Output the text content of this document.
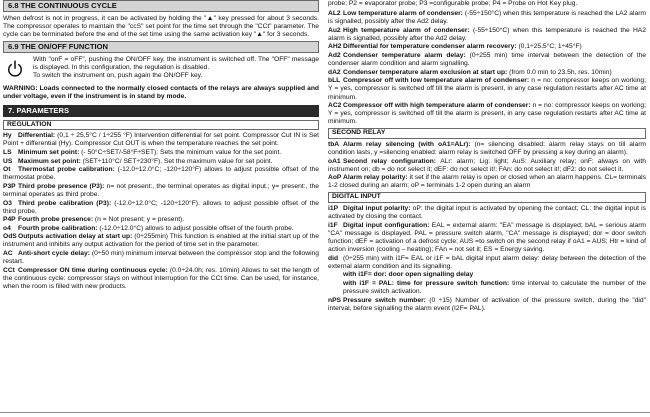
6.8 THE CONTINUOUS CYCLE

When defrost is not in progress, it can be activated by holding the "▲" key pressed for about 3 seconds. The compressor operates to maintain the "ccS" set point for the time set through the "CCt" parameter. The cycle can be terminated before the end of the set time using the same activation key "▲" for 3 seconds.

6.9 THE ON/OFF FUNCTION
With "onF = oFF", pushing the ON/OFF key, the instrument is switched off. The "OFF" message is displayed. In this configuration, the regulation is disabled.
To switch the instrument on, push again the ON/OFF key.
WARNING: Loads connected to the normally closed contacts of the relays are always supplied and under voltage, even if the instrument is in stand by mode.
7. PARAMETERS
REGULATION
HyDifferential: (0,1 ÷ 25,5°C / 1÷255 °F) Intervention differential for set point. Compressor Cut IN is Set Point + differential (Hy). Compressor Cut OUT is when the temperature reaches the set point.
LSMinimum set point: (- 50°C÷SET/-58°F÷SET): Sets the minimum value for the set point.
USMaximum set point: (SET÷110°C/ SET÷230°F). Set the maximum value for set point.
OtThermostat probe calibration: (-12.0÷12.0°C; -120÷120°F) allows to adjust possible offset of the thermostat probe.
P3PThird probe presence (P3): n= not present:, the terminal operates as digital input.; y= present:, the terminal operates as third probe.
O3Third probe calibration (P3): (-12.0÷12.0°C; -120÷120°F). allows to adjust possible offset of the third probe.
P4PFourth probe presence: (n = Not present; y = present).
o4Fourth probe calibration: (-12.0÷12.0°C) allows to adjust possible offset of the fourth probe.
OdSOutputs activation delay at start up: (0÷255min) This function is enabled at the initial start up of the instrument and inhibits any output activation for the period of time set in the parameter.
ACAnti-short cycle delay: (0÷50 min) minimum interval between the compressor stop and the following restart.
CCtCompressor ON time during continuous cycle: (0.0÷24.0h; res. 10min) Allows to set the length of the continuous cycle: compressor stays on without interruption for the CCt time. Can be used, for instance, when the room is filled with new products.

probe; P2 = evaporator probe; P3 =configurable probe; P4 = Probe on Hot Key plug.

AL2Low temperature alarm of condenser: (-55÷150°C) when this temperature is reached the LA2 alarm is signalled, possibly after the Ad2 delay.
Au2High temperature alarm of condenser: (-55÷150°C) when this temperature is reached the HA2 alarm is signalled, possibly after the Ad2 delay.
AH2Differential for temperature condenser alarm recovery: (0,1÷25.5°C; 1÷45°F)
Ad2Condenser temperature alarm delay: (0÷255 min) time interval between the detection of the condenser alarm condition and alarm signalling.
dA2Condenser temperature alarm exclusion at start up: (from 0.0 min to 23.5h, res. 10min)
bLLCompressor off with low temperature alarm of condenser: n = no: compressor keeps on working; Y = yes, compressor is switched off till the alarm is present, in any case regulation restarts after AC time at minimum.
AC2Compressor off with high temperature alarm of condenser: n = no: compressor keeps on working; Y = yes, compressor is switched off till the alarm is present, in any case regulation restarts after AC time at minimum.
SECOND RELAY
tbAAlarm relay silencing (with oA1=ALr): (n= silencing disabled: alarm relay stays on till alarm condition lasts, y =silencing enabled: alarm relay is switched OFF by pressing a key during an alarm).
oA1Second relay configuration: ALr: alarm; Lig: light; AuS: Auxiliary relay; onF: always on with instrument on; db = do not select it; dEF: do not select it!; FAn: do not select it!; dF2: do not select it.
AoPAlarm relay polarity: it set if the alarm relay is open or closed when an alarm happens. CL= terminals 1-2 closed during an alarm; oP = terminals 1-2 open during an alarm
DIGITAL INPUT
i1PDigital input polarity: oP: the digital input is activated by opening the contact; CL: the digital input is activated by closing the contact.
i1FDigital input configuration: EAL = external alarm: "EA" message is displayed; bAL = serious alarm "CA" message is displayed. PAL = pressure switch alarm, "CA" message is displayed; dor = door switch function; dEF = activation of a defrost cycle; AUS =to switch on the second relay if oA1 = AUS; Htr = kind of action inversion (cooling – heating); FAn = not set it; ES = Energy saving.
did(0÷255 min) with i1F= EAL or i1F = bAL digital input alarm delay: delay between the detection of the external alarm condition and its signalling.
with i1F= dor: door open signalling delay
with i1F = PAL: time for pressure switch function: time interval to calculate the number of the pressure switch activation.
nPSPressure switch number: (0 ÷15) Number of activation of the pressure switch, during the "did" interval, before signalling the alarm event (I2F= PAL).
